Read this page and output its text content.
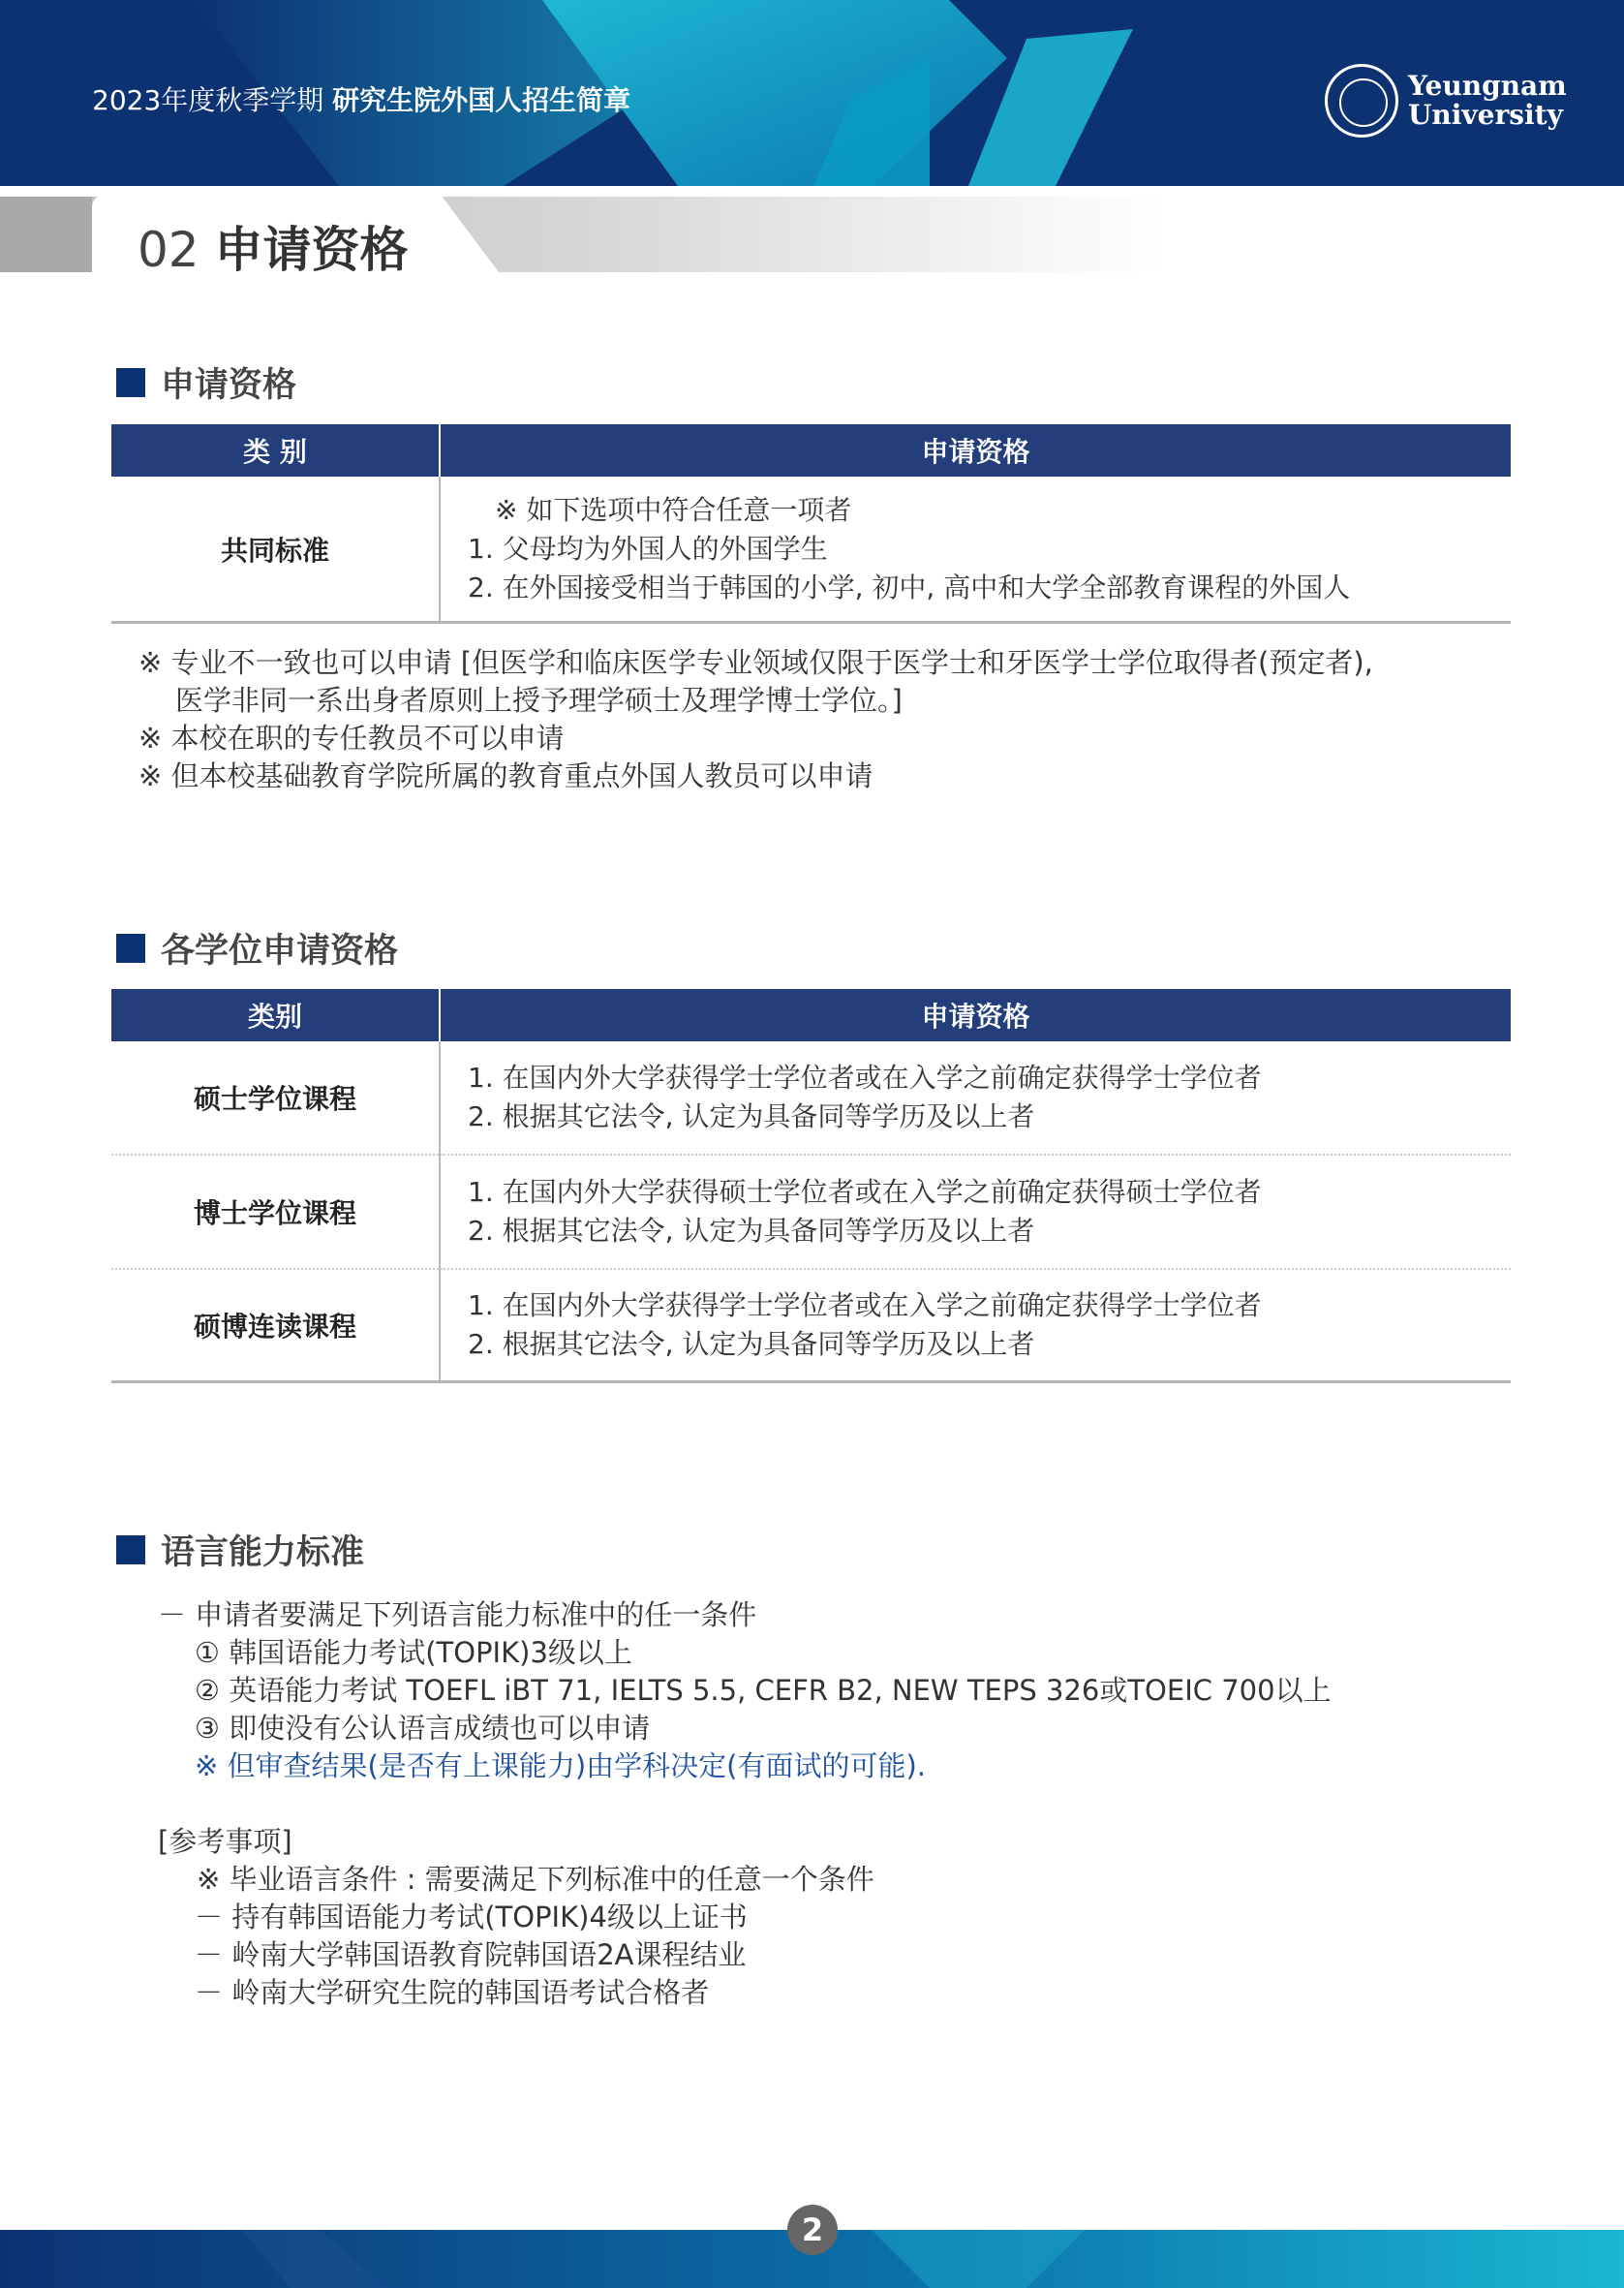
2023年度秋季学期 研究生院外国人招生简章	Yeungnam
University
02 申请资格
申请资格
类 别	申请资格
共同标准	※ 如下选项中符合任意一项者
1. 父母均为外国人的外国学生
2. 在外国接受相当于韩国的小学, 初中, 高中和大学全部教育课程的外国人
※ 专业不一致也可以申请 [但医学和临床医学专业领域仅限于医学士和牙医学士学位取得者(预定者),
医学非同一系出身者原则上授予理学硕士及理学博士学位。]
※ 本校在职的专任教员不可以申请
※ 但本校基础教育学院所属的教育重点外国人教员可以申请
各学位申请资格
类别	申请资格
硕士学位课程	1. 在国内外大学获得学士学位者或在入学之前确定获得学士学位者
2. 根据其它法令, 认定为具备同等学历及以上者

博士学位课程	1. 在国内外大学获得硕士学位者或在入学之前确定获得硕士学位者
2. 根据其它法令, 认定为具备同等学历及以上者

硕博连读课程	1. 在国内外大学获得学士学位者或在入学之前确定获得学士学位者
2. 根据其它法令, 认定为具备同等学历及以上者
语言能力标准
－ 申请者要满足下列语言能力标准中的任一条件
① 韩国语能力考试(TOPIK)3级以上
② 英语能力考试 TOEFL iBT 71, IELTS 5.5, CEFR B2, NEW TEPS 326或TOEIC 700以上
③ 即使没有公认语言成绩也可以申请
※ 但审查结果(是否有上课能力)由学科决定(有面试的可能).
[参考事项]
※ 毕业语言条件 : 需要满足下列标准中的任意一个条件
－ 持有韩国语能力考试(TOPIK)4级以上证书
－ 岭南大学韩国语教育院韩国语2A课程结业
－ 岭南大学研究生院的韩国语考试合格者
2
